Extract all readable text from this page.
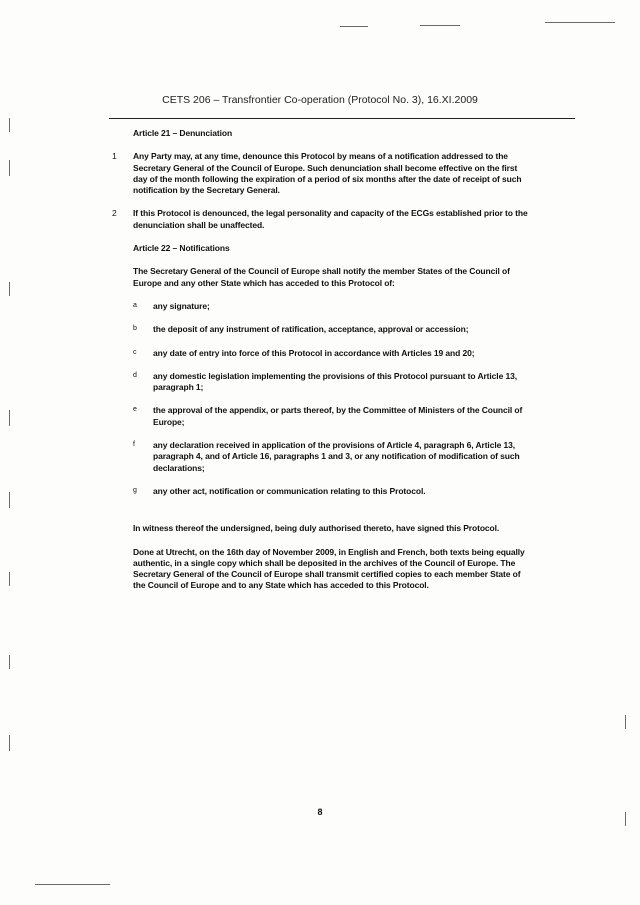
CETS 206 – Transfrontier Co-operation (Protocol No. 3), 16.XI.2009
Article 21 – Denunciation
1 Any Party may, at any time, denounce this Protocol by means of a notification addressed to the Secretary General of the Council of Europe. Such denunciation shall become effective on the first day of the month following the expiration of a period of six months after the date of receipt of such notification by the Secretary General.
2 If this Protocol is denounced, the legal personality and capacity of the ECGs established prior to the denunciation shall be unaffected.
Article 22 – Notifications
The Secretary General of the Council of Europe shall notify the member States of the Council of Europe and any other State which has acceded to this Protocol of:
a any signature;
b the deposit of any instrument of ratification, acceptance, approval or accession;
c any date of entry into force of this Protocol in accordance with Articles 19 and 20;
d any domestic legislation implementing the provisions of this Protocol pursuant to Article 13, paragraph 1;
e the approval of the appendix, or parts thereof, by the Committee of Ministers of the Council of Europe;
f any declaration received in application of the provisions of Article 4, paragraph 6, Article 13, paragraph 4, and of Article 16, paragraphs 1 and 3, or any notification of modification of such declarations;
g any other act, notification or communication relating to this Protocol.
In witness thereof the undersigned, being duly authorised thereto, have signed this Protocol.
Done at Utrecht, on the 16th day of November 2009, in English and French, both texts being equally authentic, in a single copy which shall be deposited in the archives of the Council of Europe. The Secretary General of the Council of Europe shall transmit certified copies to each member State of the Council of Europe and to any State which has acceded to this Protocol.
8
